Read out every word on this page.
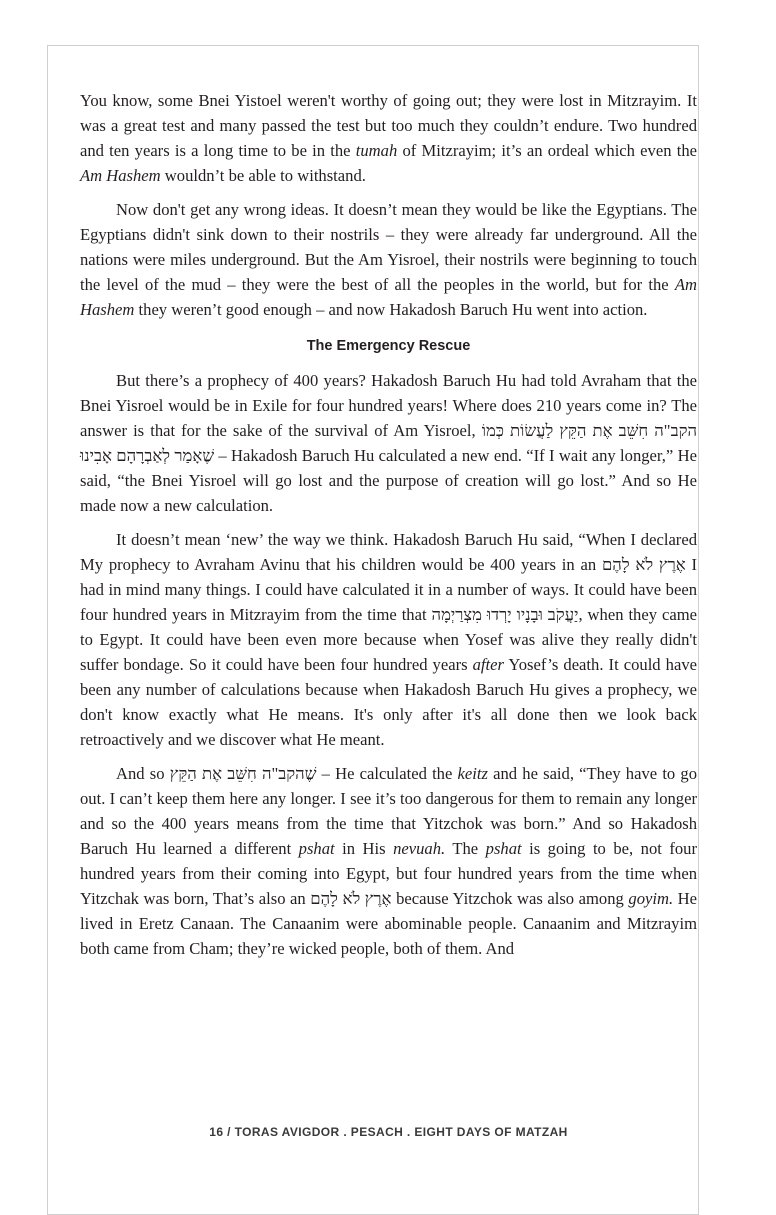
You know, some Bnei Yistoel weren't worthy of going out; they were lost in Mitzrayim. It was a great test and many passed the test but too much they couldn’t endure. Two hundred and ten years is a long time to be in the tumah of Mitzrayim; it’s an ordeal which even the Am Hashem wouldn’t be able to withstand.

Now don't get any wrong ideas. It doesn’t mean they would be like the Egyptians. The Egyptians didn't sink down to their nostrils – they were already far underground. All the nations were miles underground. But the Am Yisroel, their nostrils were beginning to touch the level of the mud – they were the best of all the peoples in the world, but for the Am Hashem they weren’t good enough – and now Hakadosh Baruch Hu went into action.

The Emergency Rescue

But there’s a prophecy of 400 years? Hakadosh Baruch Hu had told Avraham that the Bnei Yisroel would be in Exile for four hundred years! Where does 210 years come in? The answer is that for the sake of the survival of Am Yisroel, הקב"ה חִשֵּׁב אֶת הַקֵּץ לַעֲשׂוֹת כְּמוֹ שֶׁאָמַר לְאַבְרָהָם אָבִינוּ – Hakadosh Baruch Hu calculated a new end. “If I wait any longer,” He said, “the Bnei Yisroel will go lost and the purpose of creation will go lost.” And so He made now a new calculation.

It doesn’t mean ‘new’ the way we think. Hakadosh Baruch Hu said, “When I declared My prophecy to Avraham Avinu that his children would be 400 years in an אֶרֶץ לֹא לָהֶם I had in mind many things. I could have calculated it in a number of ways. It could have been four hundred years in Mitzrayim from the time that יַעֲקֹב וּבָנָיו יָרְדוּ מִצְרַיְמָה, when they came to Egypt. It could have been even more because when Yosef was alive they really didn't suffer bondage. So it could have been four hundred years after Yosef’s death. It could have been any number of calculations because when Hakadosh Baruch Hu gives a prophecy, we don't know exactly what He means. It's only after it's all done then we look back retroactively and we discover what He meant.

And so שֶׁהקב"ה חִשֵּׁב אֶת הַקֵּץ – He calculated the keitz and he said, “They have to go out. I can’t keep them here any longer. I see it’s too dangerous for them to remain any longer and so the 400 years means from the time that Yitzchok was born.” And so Hakadosh Baruch Hu learned a different pshat in His nevuah. The pshat is going to be, not four hundred years from their coming into Egypt, but four hundred years from the time when Yitzchak was born, That’s also an אֶרֶץ לֹא לָהֶם because Yitzchok was also among goyim. He lived in Eretz Canaan. The Canaanim were abominable people. Canaanim and Mitzrayim both came from Cham; they’re wicked people, both of them. And

16 / TORAS AVIGDOR . PESACH . EIGHT DAYS OF MATZAH
